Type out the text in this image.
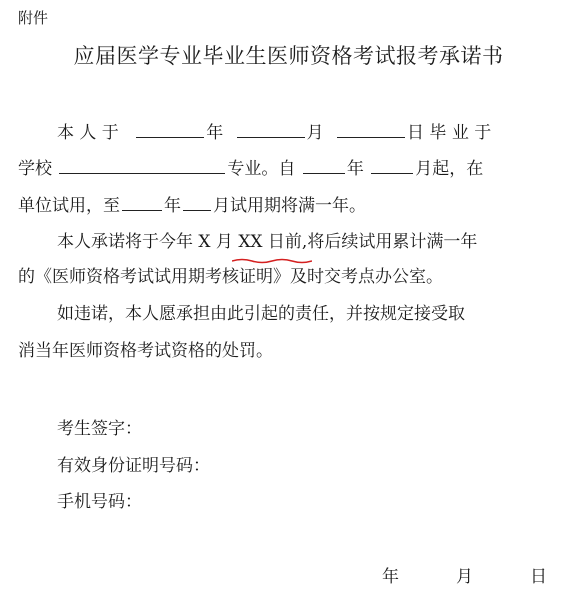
附件
应届医学专业毕业生医师资格考试报考承诺书
本 人 于	年	月	日 毕 业 于
学校	专业。自	年	月起，在
单位试用，至	年 月试用期将满一年。
本人承诺将于今年 X 月 XX 日前,将后续试用累计满一年
的《医师资格考试试用期考核证明》及时交考点办公室。
如违诺，本人愿承担由此引起的责任，并按规定接受取
消当年医师资格考试资格的处罚。
考生签字：
有效身份证明号码：
手机号码：
年	月	日
